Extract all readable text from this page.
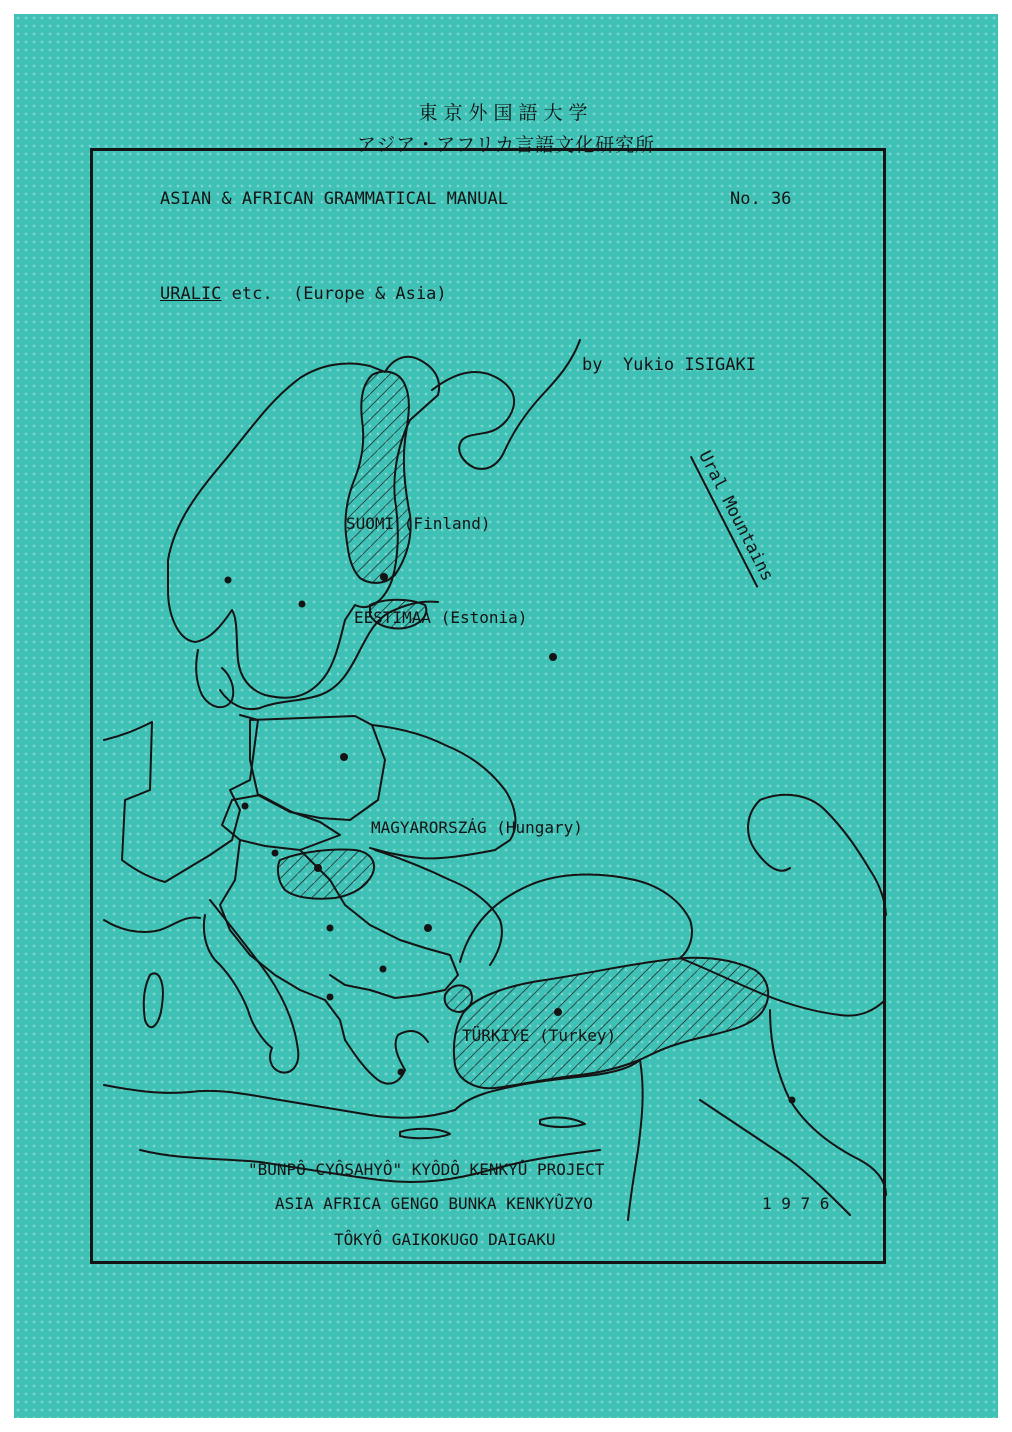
東京外国語大学
アジア・アフリカ言語文化研究所
ASIAN & AFRICAN GRAMMATICAL MANUAL	No. 36
URALIC etc.  (Europe & Asia)
by  Yukio ISIGAKI
Ural Mountains
SUOMI (Finland)
EESTIMAA (Estonia)
MAGYARORSZÁG (Hungary)
TÜRKIYE (Turkey)
"BUNPÔ CYÔSAHYÔ" KYÔDÔ KENKYÛ PROJECT
ASIA AFRICA GENGO BUNKA KENKYÛZYO	1 9 7 6
TÔKYÔ GAIKOKUGO DAIGAKU
